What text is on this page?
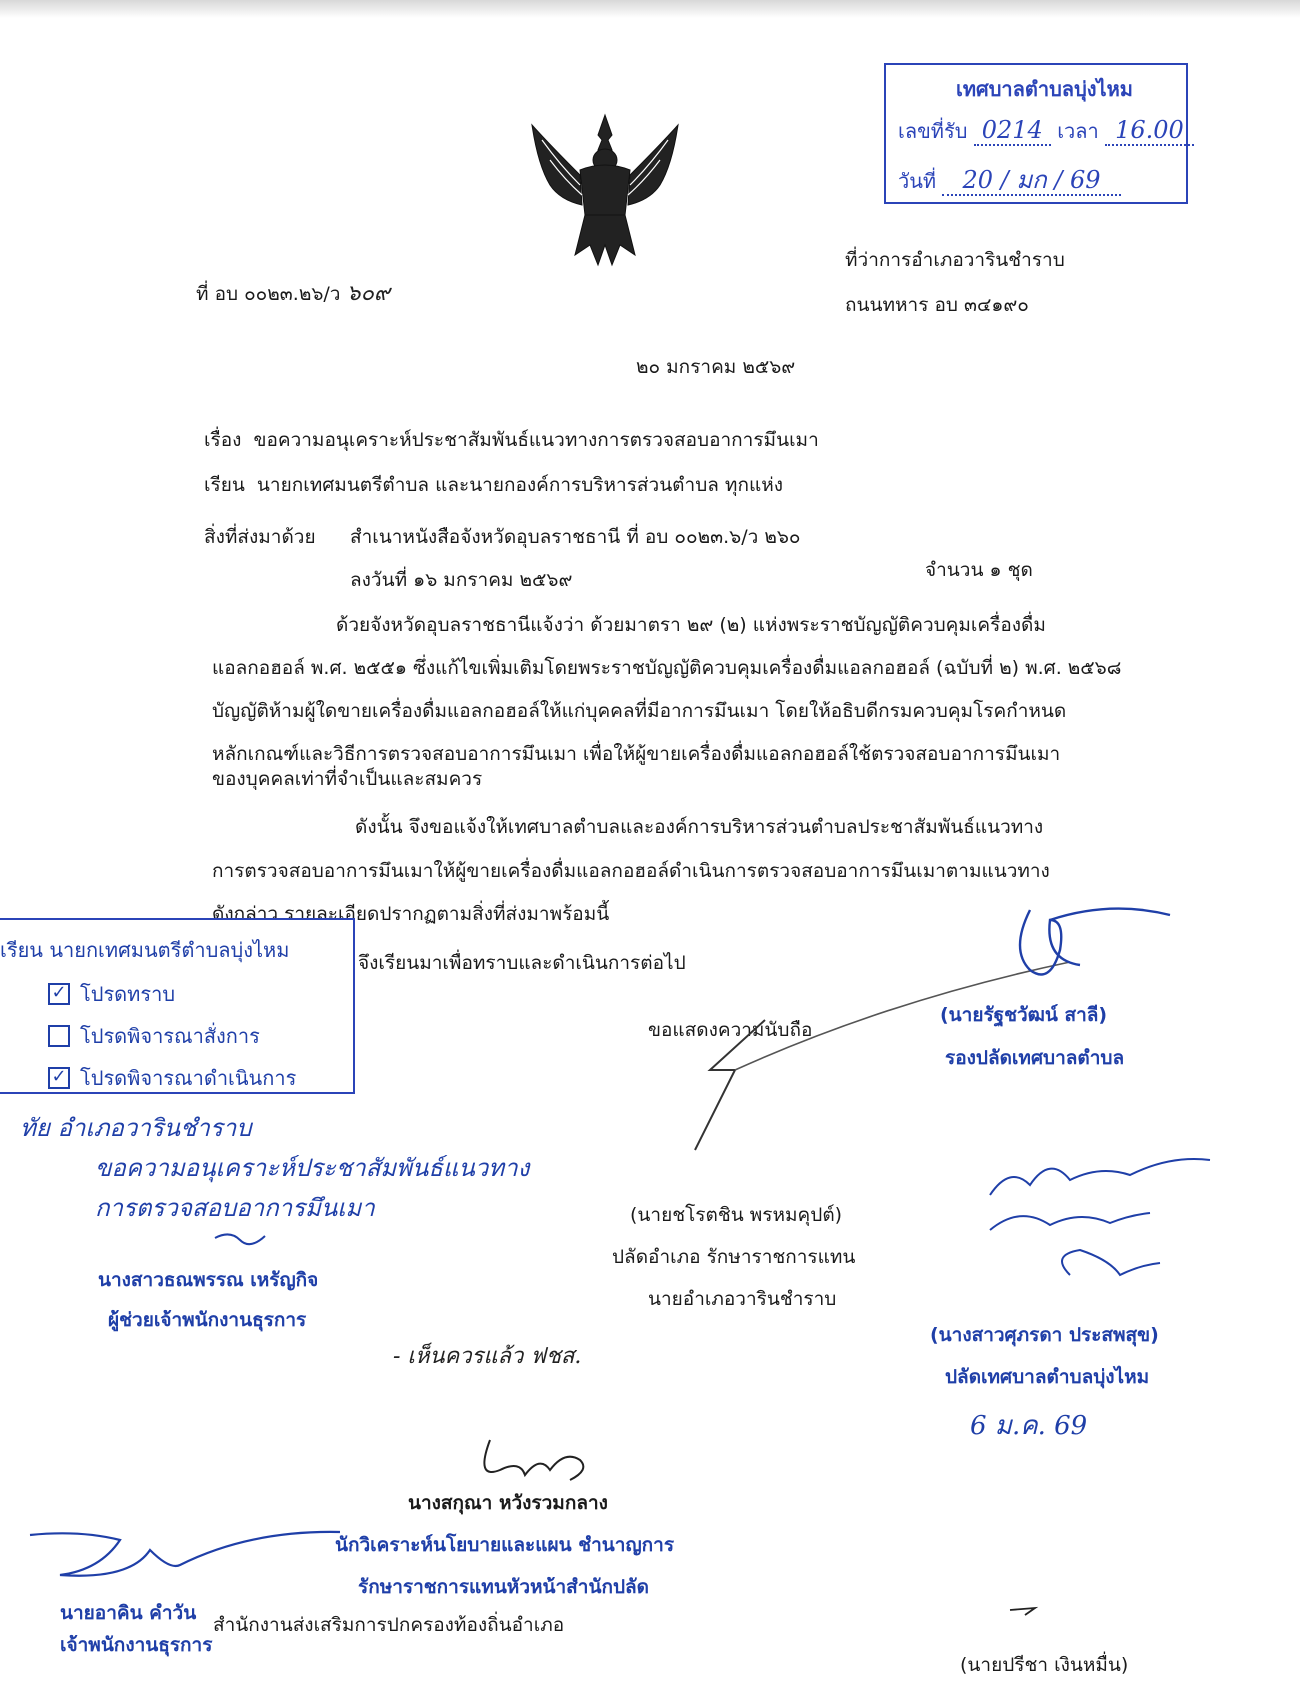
เทศบาลตำบลบุ่งไหม
เลขที่รับ 0214 เวลา 16.00
วันที่ 20 / มก / 69
ที่ อบ ๐๐๒๓.๒๖/ว ๖๐๙
ที่ว่าการอำเภอวารินชำราบ
ถนนทหาร อบ ๓๔๑๙๐
๒๐ มกราคม ๒๕๖๙
เรื่อง ขอความอนุเคราะห์ประชาสัมพันธ์แนวทางการตรวจสอบอาการมึนเมา
เรียน นายกเทศมนตรีตำบล และนายกองค์การบริหารส่วนตำบล ทุกแห่ง
สิ่งที่ส่งมาด้วย สำเนาหนังสือจังหวัดอุบลราชธานี ที่ อบ ๐๐๒๓.๖/ว ๒๖๐
ลงวันที่ ๑๖ มกราคม ๒๕๖๙	จำนวน ๑ ชุด
ด้วยจังหวัดอุบลราชธานีแจ้งว่า ด้วยมาตรา ๒๙ (๒) แห่งพระราชบัญญัติควบคุมเครื่องดื่ม
แอลกอฮอล์ พ.ศ. ๒๕๕๑ ซึ่งแก้ไขเพิ่มเติมโดยพระราชบัญญัติควบคุมเครื่องดื่มแอลกอฮอล์ (ฉบับที่ ๒) พ.ศ. ๒๕๖๘
บัญญัติห้ามผู้ใดขายเครื่องดื่มแอลกอฮอล์ให้แก่บุคคลที่มีอาการมึนเมา โดยให้อธิบดีกรมควบคุมโรคกำหนด
หลักเกณฑ์และวิธีการตรวจสอบอาการมึนเมา เพื่อให้ผู้ขายเครื่องดื่มแอลกอฮอล์ใช้ตรวจสอบอาการมึนเมา
ของบุคคลเท่าที่จำเป็นและสมควร
ดังนั้น จึงขอแจ้งให้เทศบาลตำบลและองค์การบริหารส่วนตำบลประชาสัมพันธ์แนวทาง
การตรวจสอบอาการมึนเมาให้ผู้ขายเครื่องดื่มแอลกอฮอล์ดำเนินการตรวจสอบอาการมึนเมาตามแนวทาง
ดังกล่าว รายละเอียดปรากฏตามสิ่งที่ส่งมาพร้อมนี้
จึงเรียนมาเพื่อทราบและดำเนินการต่อไป
ขอแสดงความนับถือ
(นายชโรตชิน พรหมคุปต์)
ปลัดอำเภอ รักษาราชการแทน
นายอำเภอวารินชำราบ
เรียน นายกเทศมนตรีตำบลบุ่งไหม
✓ โปรดทราบ
โปรดพิจารณาสั่งการ
✓ โปรดพิจารณาดำเนินการ
ทัย อำเภอวารินชำราบ
ขอความอนุเคราะห์ประชาสัมพันธ์แนวทาง
การตรวจสอบอาการมึนเมา
นางสาวธณพรรณ เหรัญกิจ
ผู้ช่วยเจ้าพนักงานธุรการ
(นายรัฐชวัฒน์ สาลี)
รองปลัดเทศบาลตำบล
(นางสาวศุภรดา ประสพสุข)
ปลัดเทศบาลตำบลบุ่งไหม
6 ม.ค. 69
- เห็นควรแล้ว ฟชส.
นางสกุณา หวังรวมกลาง
นักวิเคราะห์นโยบายและแผน ชำนาญการ
รักษาราชการแทนหัวหน้าสำนักปลัด
นายอาคิน คำวัน
เจ้าพนักงานธุรการ
สำนักงานส่งเสริมการปกครองท้องถิ่นอำเภอ
(นายปรีชา เงินหมื่น)
